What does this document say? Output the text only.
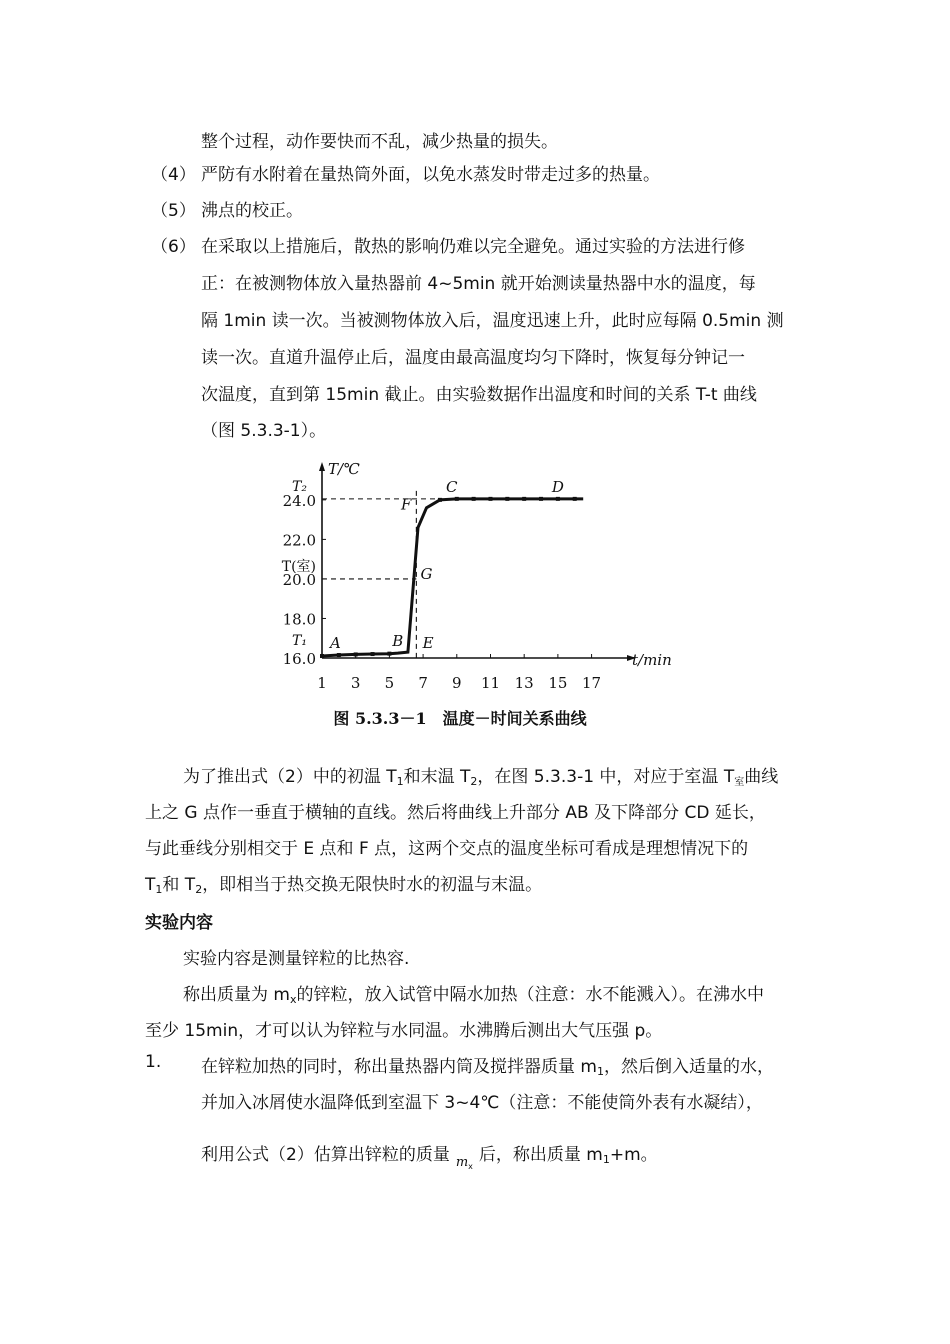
整个过程，动作要快而不乱，减少热量的损失。
（4） 严防有水附着在量热筒外面，以免水蒸发时带走过多的热量。
（5） 沸点的校正。
（6） 在采取以上措施后，散热的影响仍难以完全避免。通过实验的方法进行修
正：在被测物体放入量热器前 4~5min 就开始测读量热器中水的温度，每
隔 1min 读一次。当被测物体放入后，温度迅速上升，此时应每隔 0.5min 测
读一次。直道升温停止后，温度由最高温度均匀下降时，恢复每分钟记一
次温度，直到第 15min 截止。由实验数据作出温度和时间的关系 T-t 曲线
（图 5.3.3-1）。
T/℃
t/min
1 3 5 7 9 11 13 15 17
16.0
18.0
20.0
22.0
24.0
T₂
T(室)
T₁ A	B E
G
F
C	D
图 5.3.3－1　温度－时间关系曲线
为了推出式（2）中的初温 $T_1$和末温 $T_2$，在图 5.3.3-1 中，对应于室温 $T_室$曲线
上之 G 点作一垂直于横轴的直线。然后将曲线上升部分 AB 及下降部分 CD 延长，
与此垂线分别相交于 E 点和 F 点，这两个交点的温度坐标可看成是理想情况下的
$T_1$和 $T_2$，即相当于热交换无限快时水的初温与末温。
实验内容
实验内容是测量锌粒的比热容.
称出质量为 $m_x$的锌粒，放入试管中隔水加热（注意：水不能溅入）。在沸水中
至少 15min，才可以认为锌粒与水同温。水沸腾后测出大气压强 p。
1. 在锌粒加热的同时，称出量热器内筒及搅拌器质量 $m_1$，然后倒入适量的水，
并加入冰屑使水温降低到室温下 3~4℃（注意：不能使筒外表有水凝结），
利用公式（2）估算出锌粒的质量 $_{mx}$后，称出质量 $m_1+m$。
